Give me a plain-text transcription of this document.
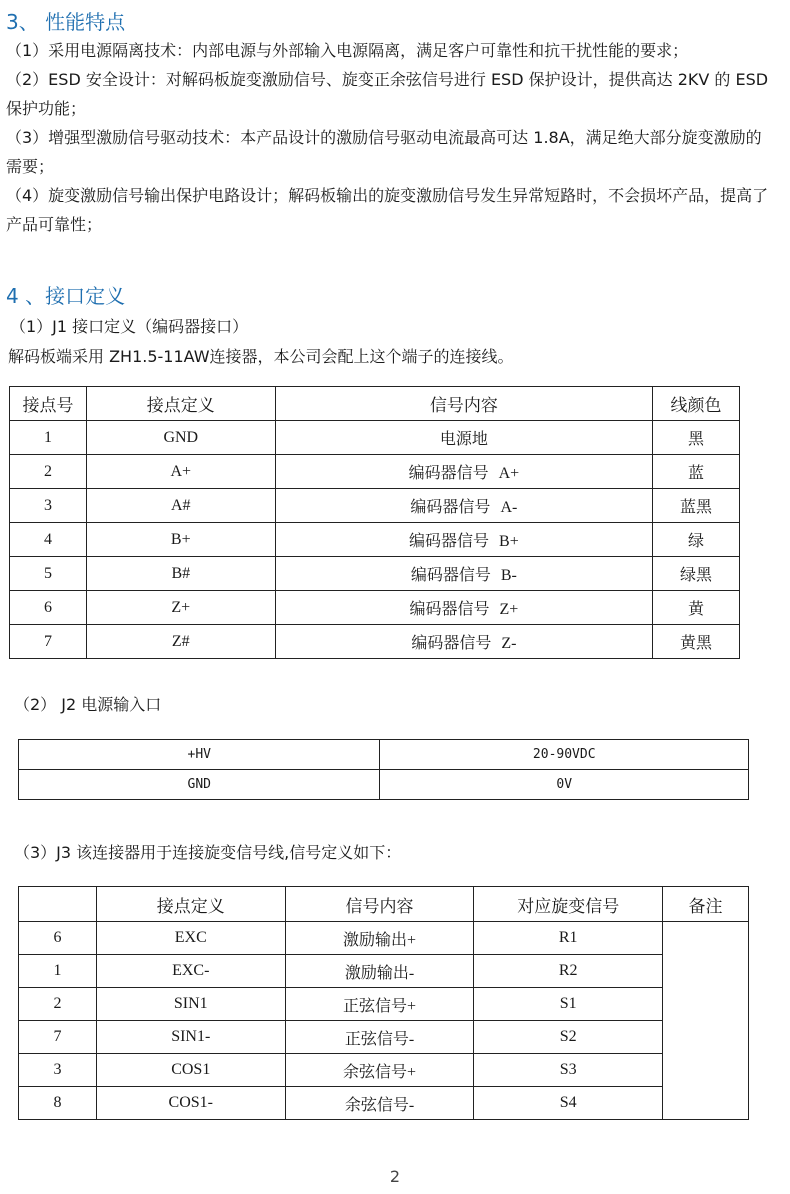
3、 性能特点
（1）采用电源隔离技术：内部电源与外部输入电源隔离，满足客户可靠性和抗干扰性能的要求；
（2）ESD 安全设计：对解码板旋变激励信号、旋变正余弦信号进行 ESD 保护设计，提供高达 2KV 的 ESD 保护功能；
（3）增强型激励信号驱动技术：本产品设计的激励信号驱动电流最高可达 1.8A，满足绝大部分旋变激励的需要；
（4）旋变激励信号输出保护电路设计；解码板输出的旋变激励信号发生异常短路时，不会损坏产品，提高了产品可靠性；
4 、接口定义
（1）J1 接口定义（编码器接口）
解码板端采用 ZH1.5-11AW连接器，本公司会配上这个端子的连接线。
接点号	接点定义	信号内容	线颜色
1	GND	电源地	黑
2	A+	编码器信号 A+	蓝
3	A#	编码器信号 A-	蓝黑
4	B+	编码器信号 B+	绿
5	B#	编码器信号 B-	绿黑
6	Z+	编码器信号 Z+	黄
7	Z#	编码器信号 Z-	黄黑
（2） J2 电源输入口
+HV	20-90VDC
GND	0V
（3）J3 该连接器用于连接旋变信号线,信号定义如下：
	接点定义	信号内容	对应旋变信号	备注
6	EXC	激励输出+	R1	
1	EXC-	激励输出-	R2	
2	SIN1	正弦信号+	S1	
7	SIN1-	正弦信号-	S2	
3	COS1	余弦信号+	S3	
8	COS1-	余弦信号-	S4	
2
